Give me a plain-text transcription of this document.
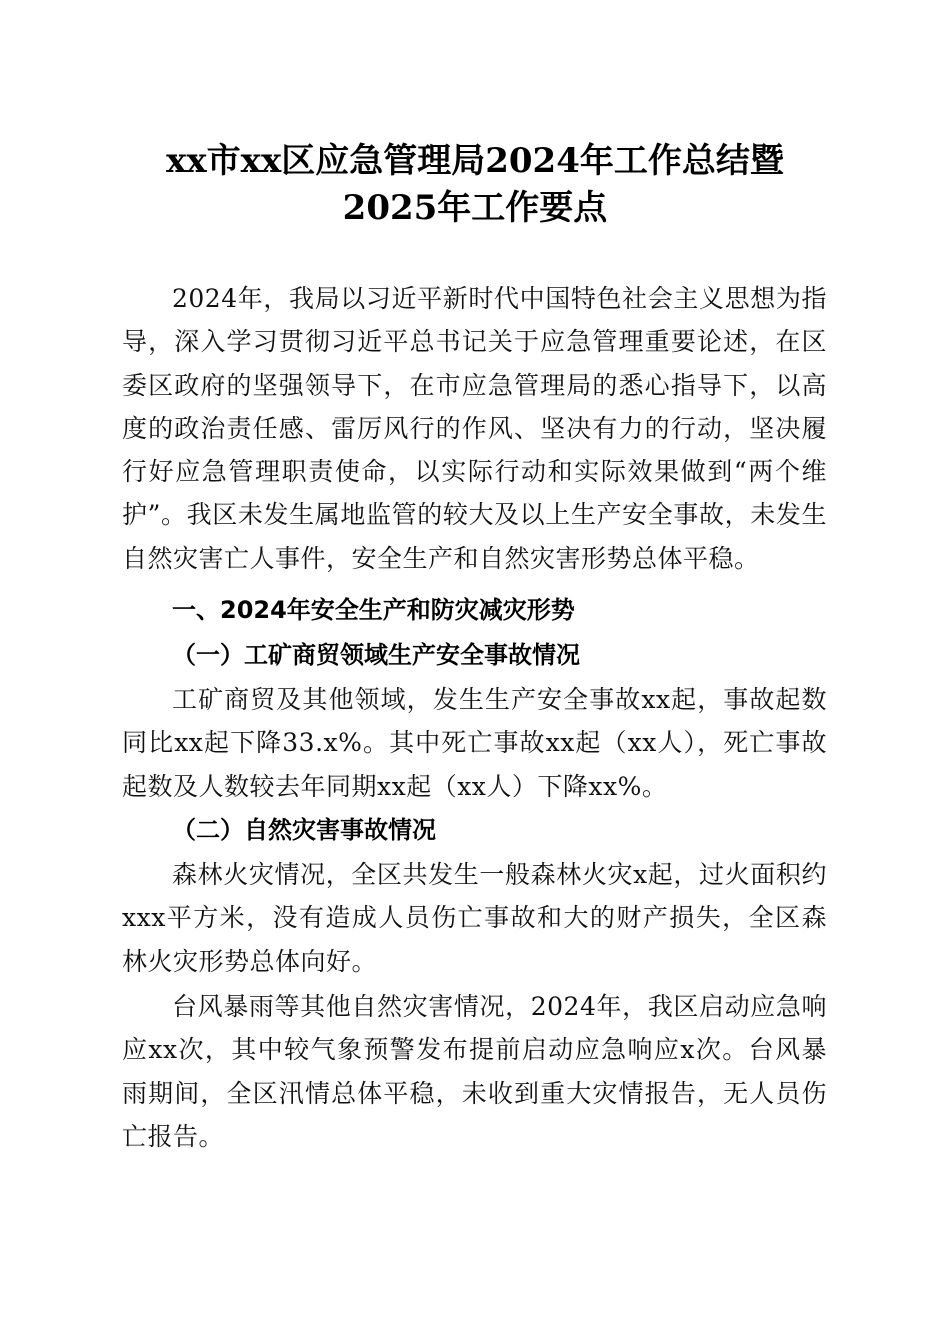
xx市xx区应急管理局2024年工作总结暨
2025年工作要点

2024年，我局以习近平新时代中国特色社会主义思想为指导，深入学习贯彻习近平总书记关于应急管理重要论述，在区委区政府的坚强领导下，在市应急管理局的悉心指导下，以高度的政治责任感、雷厉风行的作风、坚决有力的行动，坚决履行好应急管理职责使命，以实际行动和实际效果做到“两个维护”。我区未发生属地监管的较大及以上生产安全事故，未发生自然灾害亡人事件，安全生产和自然灾害形势总体平稳。

一、2024年安全生产和防灾减灾形势
（一）工矿商贸领域生产安全事故情况

工矿商贸及其他领域，发生生产安全事故xx起，事故起数同比xx起下降33.x%。其中死亡事故xx起（xx人），死亡事故起数及人数较去年同期xx起（xx人）下降xx%。

（二）自然灾害事故情况

森林火灾情况，全区共发生一般森林火灾x起，过火面积约xxx平方米，没有造成人员伤亡事故和大的财产损失，全区森林火灾形势总体向好。

台风暴雨等其他自然灾害情况，2024年，我区启动应急响应xx次，其中较气象预警发布提前启动应急响应x次。台风暴雨期间，全区汛情总体平稳，未收到重大灾情报告，无人员伤亡报告。
